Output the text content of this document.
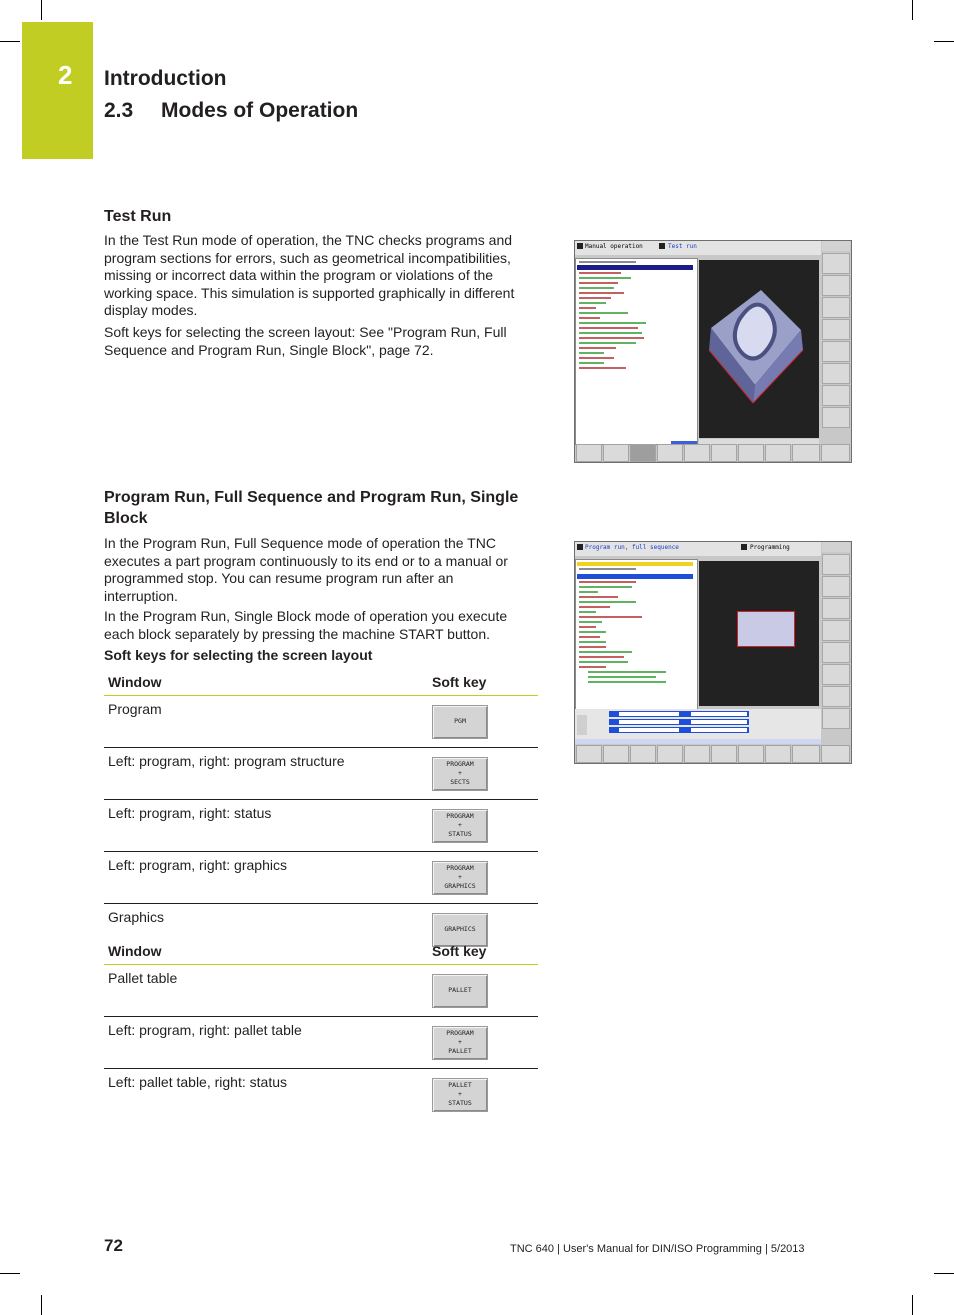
2 Introduction
2.3 Modes of Operation
Test Run

In the Test Run mode of operation, the TNC checks programs and program sections for errors, such as geometrical incompatibilities, missing or incorrect data within the program or violations of the working space. This simulation is supported graphically in different display modes.

Soft keys for selecting the screen layout: See "Program Run, Full Sequence and Program Run, Single Block", page 72.

Manual operation	Test run
Program Run, Full Sequence and Program Run, Single Block

In the Program Run, Full Sequence mode of operation the TNC executes a part program continuously to its end or to a manual or programmed stop. You can resume program run after an interruption.

In the Program Run, Single Block mode of operation you execute each block separately by pressing the machine START button.

Soft keys for selecting the screen layout
Window	Soft key
Program	PGM

Left: program, right: program structure	PROGRAM
+
SECTS

Left: program, right: status	PROGRAM
+
STATUS

Left: program, right: graphics	PROGRAM
+
GRAPHICS

Graphics	GRAPHICS
Window	Soft key
Pallet table	PALLET

Left: program, right: pallet table	PROGRAM
+
PALLET

Left: pallet table, right: status	PALLET
+
STATUS
Program run, full sequence	Programming
72	TNC 640 | User's Manual for DIN/ISO Programming | 5/2013
